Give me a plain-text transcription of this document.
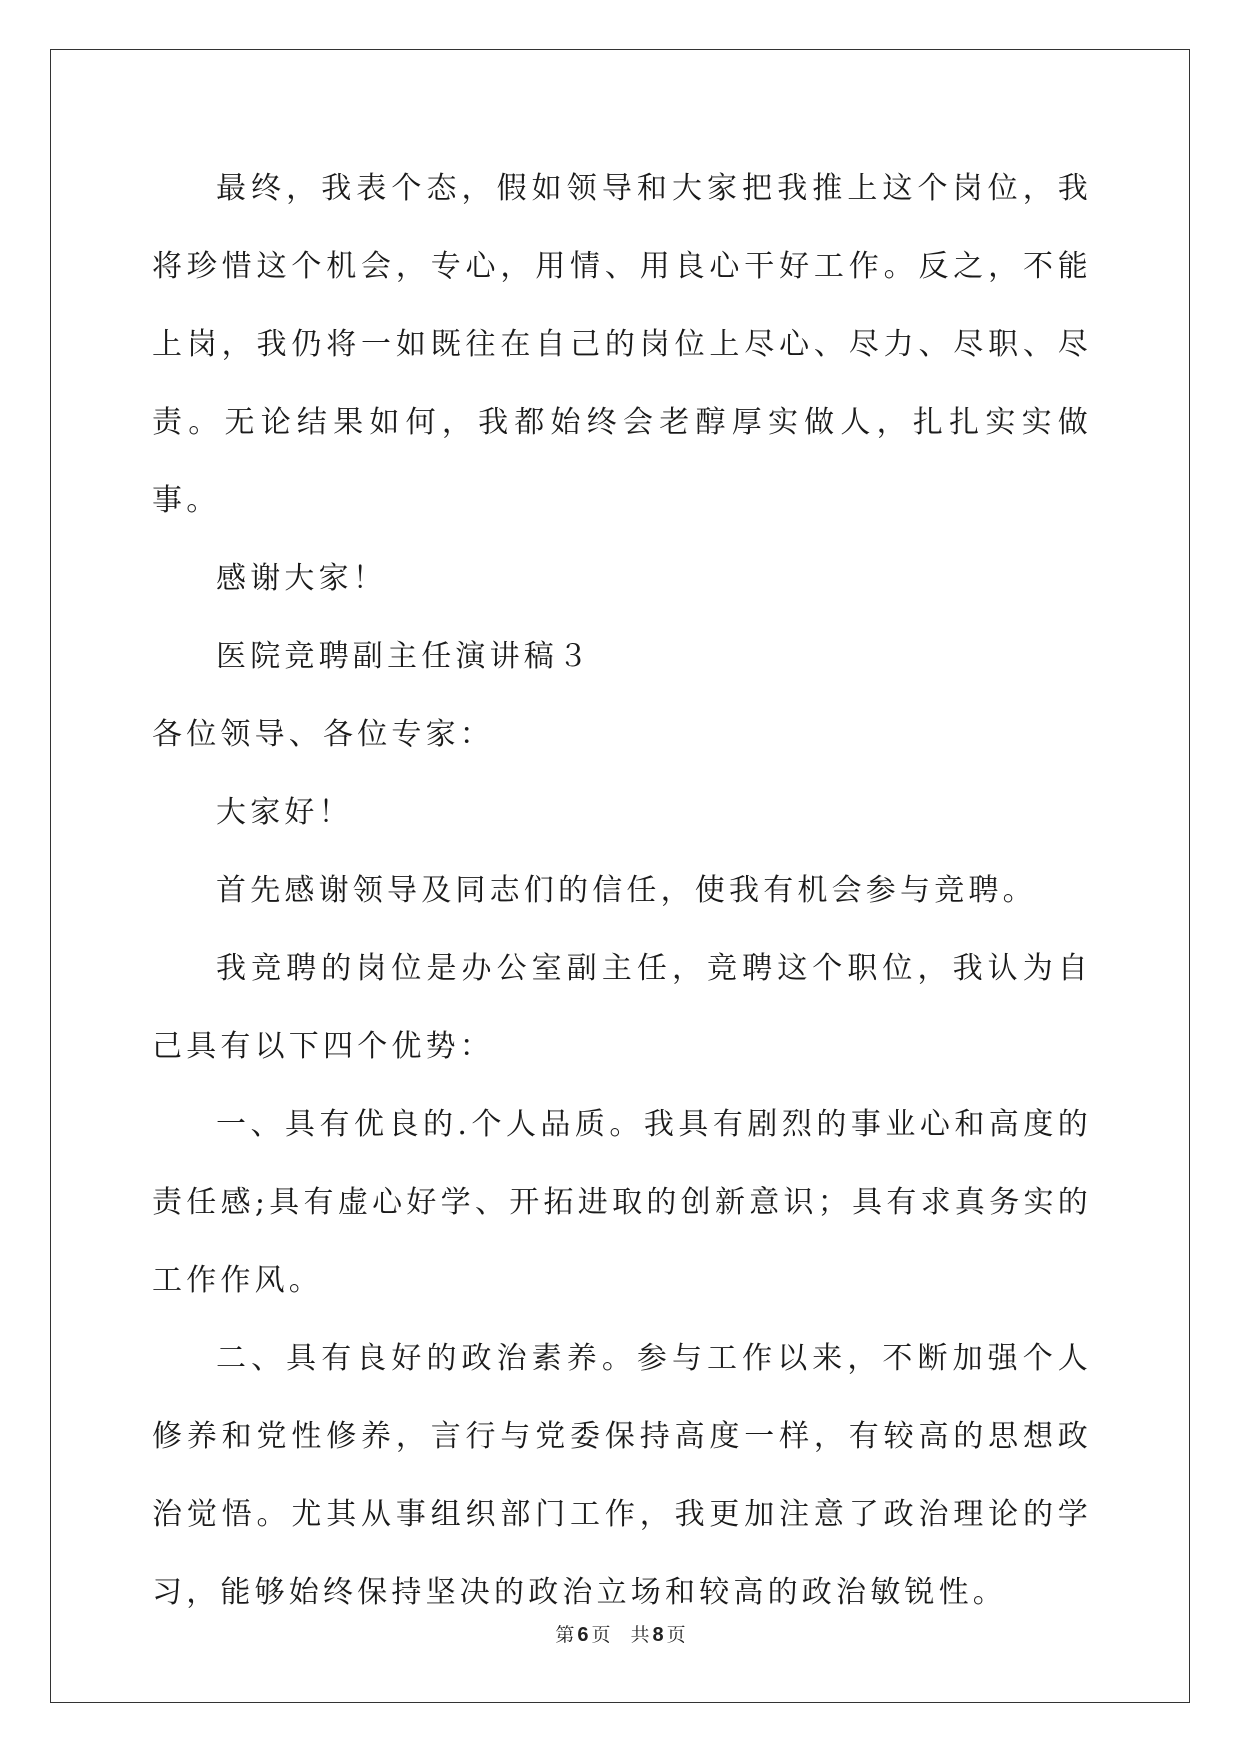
最终，我表个态，假如领导和大家把我推上这个岗位，我将珍惜这个机会，专心，用情、用良心干好工作。反之，不能上岗，我仍将一如既往在自己的岗位上尽心、尽力、尽职、尽责。无论结果如何，我都始终会老醇厚实做人，扎扎实实做事。

感谢大家！

医院竞聘副主任演讲稿３

各位领导、各位专家：

大家好！

首先感谢领导及同志们的信任，使我有机会参与竞聘。

我竞聘的岗位是办公室副主任，竞聘这个职位，我认为自己具有以下四个优势：

一、具有优良的.个人品质。我具有剧烈的事业心和高度的责任感;具有虚心好学、开拓进取的创新意识；具有求真务实的工作作风。

二、具有良好的政治素养。参与工作以来，不断加强个人修养和党性修养，言行与党委保持高度一样，有较高的思想政治觉悟。尤其从事组织部门工作，我更加注意了政治理论的学习，能够始终保持坚决的政治立场和较高的政治敏锐性。

第 6 页 共 8 页
